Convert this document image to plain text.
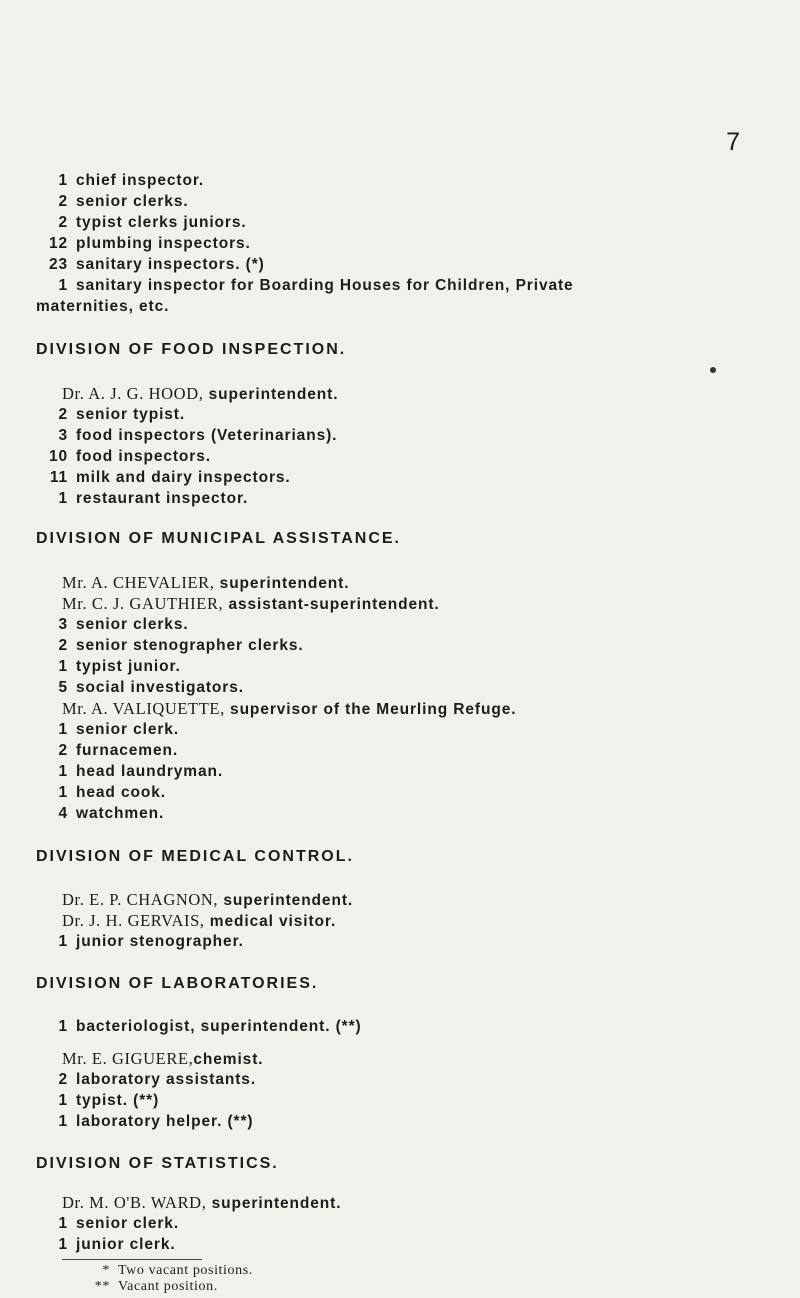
7
1 chief inspector.
2 senior clerks.
2 typist clerks juniors.
12 plumbing inspectors.
23 sanitary inspectors. (*)
1 sanitary inspector for Boarding Houses for Children, Private
maternities, etc.
DIVISION OF FOOD INSPECTION.
Dr. A. J. G. HOOD, superintendent.
2 senior typist.
3 food inspectors (Veterinarians).
10 food inspectors.
11 milk and dairy inspectors.
1 restaurant inspector.
DIVISION OF MUNICIPAL ASSISTANCE.
Mr. A. CHEVALIER, superintendent.
Mr. C. J. GAUTHIER, assistant-superintendent.
3 senior clerks.
2 senior stenographer clerks.
1 typist junior.
5 social investigators.
Mr. A. VALIQUETTE, supervisor of the Meurling Refuge.
1 senior clerk.
2 furnacemen.
1 head laundryman.
1 head cook.
4 watchmen.
DIVISION OF MEDICAL CONTROL.
Dr. E. P. CHAGNON, superintendent.
Dr. J. H. GERVAIS, medical visitor.
1 junior stenographer.
DIVISION OF LABORATORIES.
1 bacteriologist, superintendent. (**)
Mr. E. GIGUERE,chemist.
2 laboratory assistants.
1 typist. (**)
1 laboratory helper. (**)
DIVISION OF STATISTICS.
Dr. M. O'B. WARD, superintendent.
1 senior clerk.
1 junior clerk.
* Two vacant positions.
** Vacant position.
